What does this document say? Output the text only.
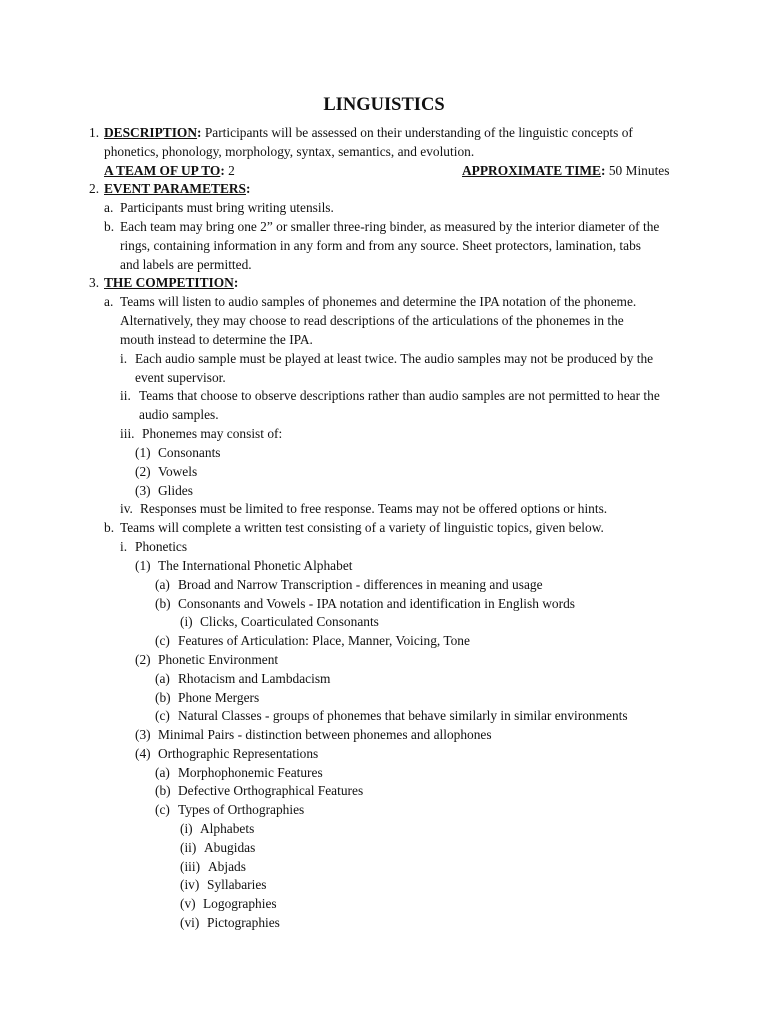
LINGUISTICS
1. DESCRIPTION: Participants will be assessed on their understanding of the linguistic concepts of
phonetics, phonology, morphology, syntax, semantics, and evolution.
A TEAM OF UP TO: 2	APPROXIMATE TIME: 50 Minutes
2. EVENT PARAMETERS:
a. Participants must bring writing utensils.
b. Each team may bring one 2” or smaller three-ring binder, as measured by the interior diameter of the
rings, containing information in any form and from any source. Sheet protectors, lamination, tabs
and labels are permitted.
3. THE COMPETITION:
a. Teams will listen to audio samples of phonemes and determine the IPA notation of the phoneme.
Alternatively, they may choose to read descriptions of the articulations of the phonemes in the
mouth instead to determine the IPA.
i. Each audio sample must be played at least twice. The audio samples may not be produced by the
event supervisor.
ii. Teams that choose to observe descriptions rather than audio samples are not permitted to hear the
audio samples.
iii. Phonemes may consist of:
(1) Consonants
(2) Vowels
(3) Glides
iv. Responses must be limited to free response. Teams may not be offered options or hints.
b. Teams will complete a written test consisting of a variety of linguistic topics, given below.
i. Phonetics
(1) The International Phonetic Alphabet
(a) Broad and Narrow Transcription - differences in meaning and usage
(b) Consonants and Vowels - IPA notation and identification in English words
(i) Clicks, Coarticulated Consonants
(c) Features of Articulation: Place, Manner, Voicing, Tone
(2) Phonetic Environment
(a) Rhotacism and Lambdacism
(b) Phone Mergers
(c) Natural Classes - groups of phonemes that behave similarly in similar environments
(3) Minimal Pairs - distinction between phonemes and allophones
(4) Orthographic Representations
(a) Morphophonemic Features
(b) Defective Orthographical Features
(c) Types of Orthographies
(i) Alphabets
(ii) Abugidas
(iii) Abjads
(iv) Syllabaries
(v) Logographies
(vi) Pictographies
